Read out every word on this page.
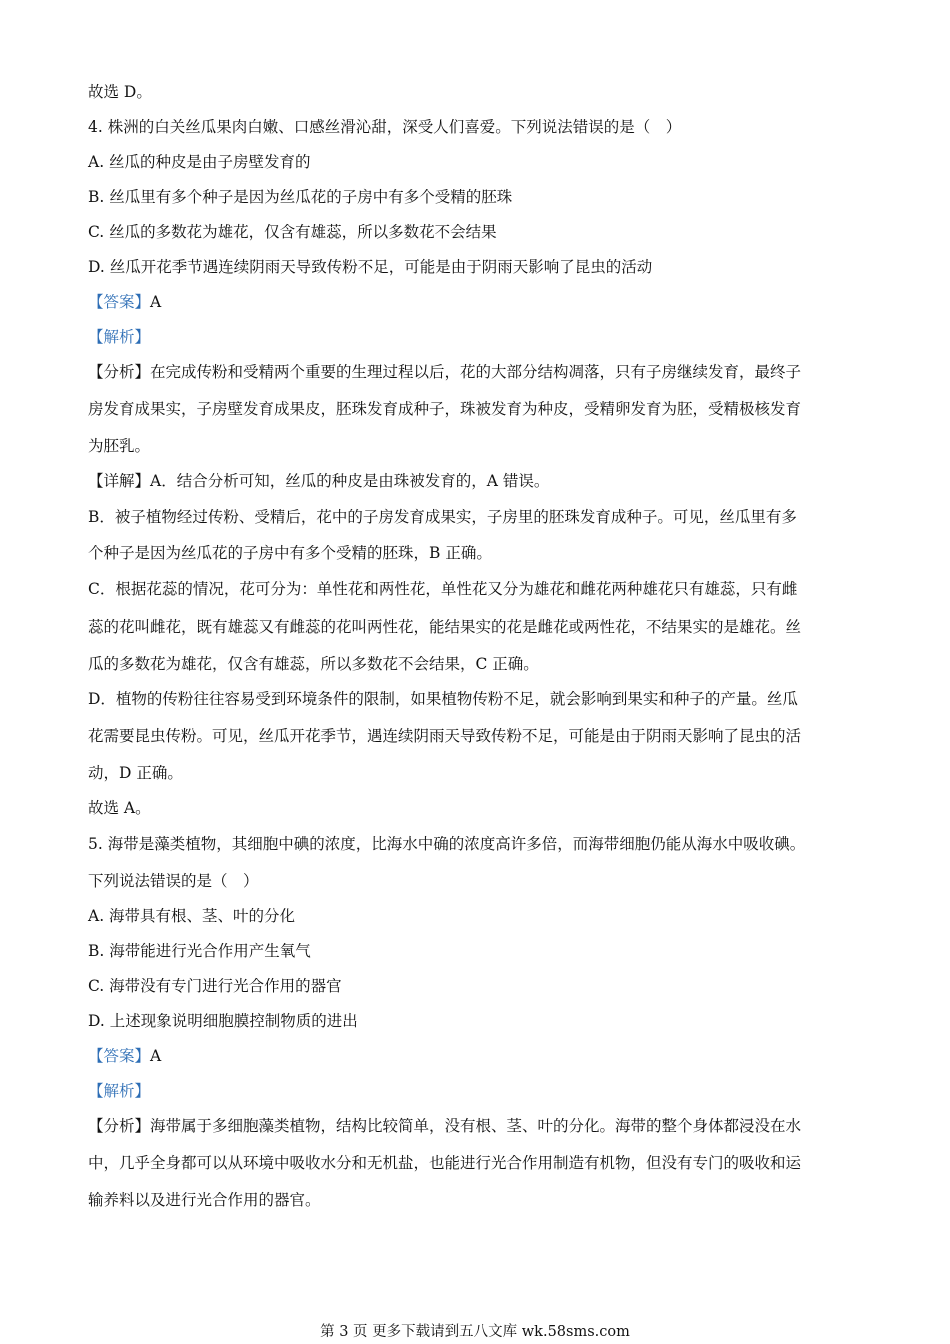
故选 D。
4. 株洲的白关丝瓜果肉白嫩、口感丝滑沁甜，深受人们喜爱。下列说法错误的是（　）
A. 丝瓜的种皮是由子房壁发育的
B. 丝瓜里有多个种子是因为丝瓜花的子房中有多个受精的胚珠
C. 丝瓜的多数花为雄花，仅含有雄蕊，所以多数花不会结果
D. 丝瓜开花季节遇连续阴雨天导致传粉不足，可能是由于阴雨天影响了昆虫的活动
【答案】A
【解析】
【分析】在完成传粉和受精两个重要的生理过程以后，花的大部分结构凋落，只有子房继续发育，最终子
房发育成果实，子房壁发育成果皮，胚珠发育成种子，珠被发育为种皮，受精卵发育为胚，受精极核发育
为胚乳。
【详解】A．结合分析可知，丝瓜的种皮是由珠被发育的，A 错误。
B．被子植物经过传粉、受精后，花中的子房发育成果实，子房里的胚珠发育成种子。可见，丝瓜里有多
个种子是因为丝瓜花的子房中有多个受精的胚珠，B 正确。
C．根据花蕊的情况，花可分为：单性花和两性花，单性花又分为雄花和雌花两种雄花只有雄蕊，只有雌
蕊的花叫雌花，既有雄蕊又有雌蕊的花叫两性花，能结果实的花是雌花或两性花，不结果实的是雄花。丝
瓜的多数花为雄花，仅含有雄蕊，所以多数花不会结果，C 正确。
D．植物的传粉往往容易受到环境条件的限制，如果植物传粉不足，就会影响到果实和种子的产量。丝瓜
花需要昆虫传粉。可见，丝瓜开花季节，遇连续阴雨天导致传粉不足，可能是由于阴雨天影响了昆虫的活
动，D 正确。
故选 A。
5. 海带是藻类植物，其细胞中碘的浓度，比海水中确的浓度高许多倍，而海带细胞仍能从海水中吸收碘。
下列说法错误的是（　）
A. 海带具有根、茎、叶的分化
B. 海带能进行光合作用产生氧气
C. 海带没有专门进行光合作用的器官
D. 上述现象说明细胞膜控制物质的进出
【答案】A
【解析】
【分析】海带属于多细胞藻类植物，结构比较简单，没有根、茎、叶的分化。海带的整个身体都浸没在水
中，几乎全身都可以从环境中吸收水分和无机盐，也能进行光合作用制造有机物，但没有专门的吸收和运
输养料以及进行光合作用的器官。
第 3 页 更多下载请到五八文库 wk.58sms.com
